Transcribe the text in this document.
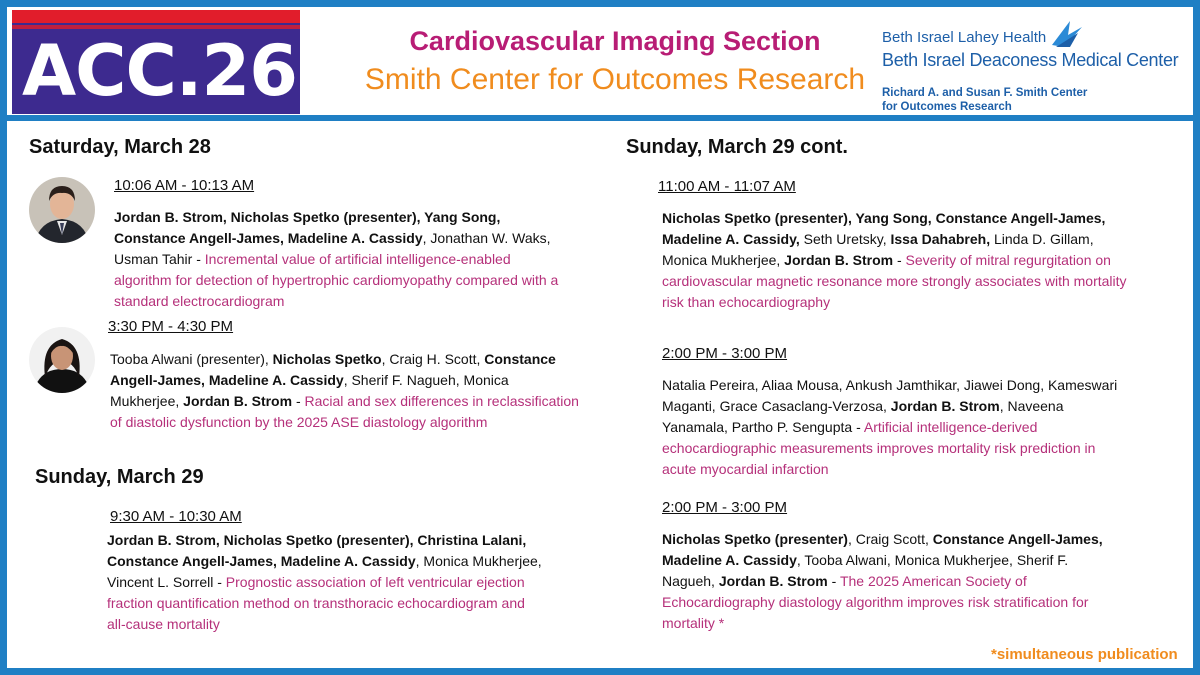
ACC.26	Cardiovascular Imaging Section
Smith Center for Outcomes Research
Beth Israel Lahey Health
Beth Israel Deaconess Medical Center
Richard A. and Susan F. Smith Center
for Outcomes Research
Saturday, March 28
10:06 AM - 10:13 AM
Jordan B. Strom, Nicholas Spetko (presenter), Yang Song, Constance Angell-James, Madeline A. Cassidy, Jonathan W. Waks, Usman Tahir - Incremental value of artificial intelligence-enabled algorithm for detection of hypertrophic cardiomyopathy compared with a standard electrocardiogram
3:30 PM - 4:30 PM
Tooba Alwani (presenter), Nicholas Spetko, Craig H. Scott, Constance Angell-James, Madeline A. Cassidy, Sherif F. Nagueh, Monica Mukherjee, Jordan B. Strom - Racial and sex differences in reclassification of diastolic dysfunction by the 2025 ASE diastology algorithm
Sunday, March 29
9:30 AM - 10:30 AM
Jordan B. Strom, Nicholas Spetko (presenter), Christina Lalani, Constance Angell-James, Madeline A. Cassidy, Monica Mukherjee, Vincent L. Sorrell - Prognostic association of left ventricular ejection fraction quantification method on transthoracic echocardiogram and all-cause mortality
Sunday, March 29 cont.
11:00 AM - 11:07 AM
Nicholas Spetko (presenter), Yang Song, Constance Angell-James, Madeline A. Cassidy, Seth Uretsky, Issa Dahabreh, Linda D. Gillam, Monica Mukherjee, Jordan B. Strom - Severity of mitral regurgitation on cardiovascular magnetic resonance more strongly associates with mortality risk than echocardiography
2:00 PM - 3:00 PM
Natalia Pereira, Aliaa Mousa, Ankush Jamthikar, Jiawei Dong, Kameswari Maganti, Grace Casaclang-Verzosa, Jordan B. Strom, Naveena Yanamala, Partho P. Sengupta - Artificial intelligence-derived echocardiographic measurements improves mortality risk prediction in acute myocardial infarction
2:00 PM - 3:00 PM
Nicholas Spetko (presenter), Craig Scott, Constance Angell-James, Madeline A. Cassidy, Tooba Alwani, Monica Mukherjee, Sherif F. Nagueh, Jordan B. Strom - The 2025 American Society of Echocardiography diastology algorithm improves risk stratification for mortality *
*simultaneous publication
